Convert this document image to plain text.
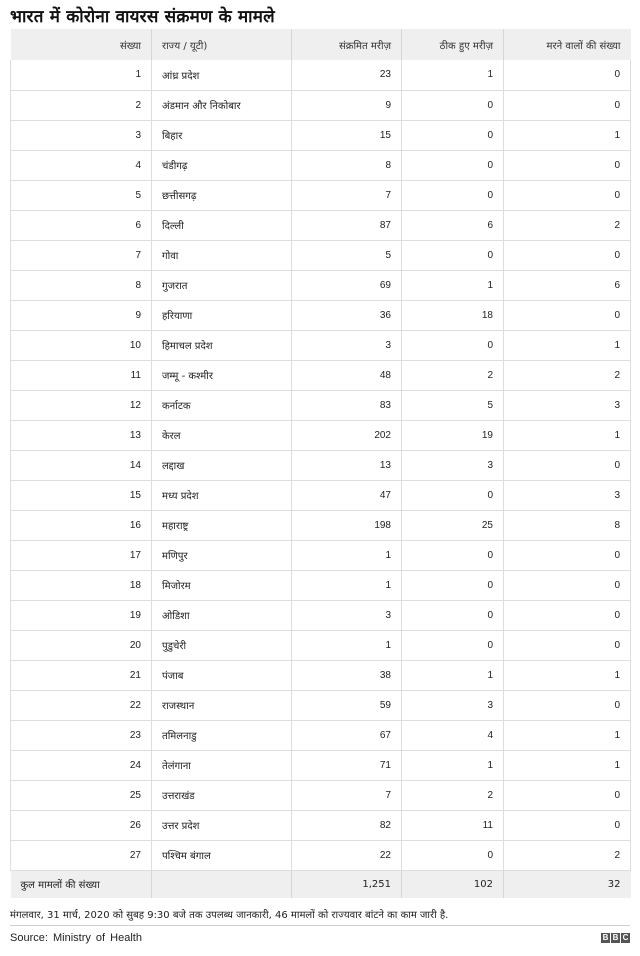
भारत में कोरोना वायरस संक्रमण के मामले
संख्या	राज्य / यूटी)	संक्रमित मरीज़	ठीक हुए मरीज़	मरने वालों की संख्या
1	आंध्र प्रदेश	23	1	0
2	अंडमान और निकोबार	9	0	0
3	बिहार	15	0	1
4	चंडीगढ़	8	0	0
5	छत्तीसगढ़	7	0	0
6	दिल्ली	87	6	2
7	गोवा	5	0	0
8	गुजरात	69	1	6
9	हरियाणा	36	18	0
10	हिमाचल प्रदेश	3	0	1
11	जम्मू - कश्मीर	48	2	2
12	कर्नाटक	83	5	3
13	केरल	202	19	1
14	लद्दाख	13	3	0
15	मध्य प्रदेश	47	0	3
16	महाराष्ट्र	198	25	8
17	मणिपुर	1	0	0
18	मिजोरम	1	0	0
19	ओडिशा	3	0	0
20	पुडुचेरी	1	0	0
21	पंजाब	38	1	1
22	राजस्थान	59	3	0
23	तमिलनाडु	67	4	1
24	तेलंगाना	71	1	1
25	उत्तराखंड	7	2	0
26	उत्तर प्रदेश	82	11	0
27	पश्चिम बंगाल	22	0	2
कुल मामलों की संख्या		1,251	102	32
मंगलवार, 31 मार्च, 2020 को सुबह 9:30 बजे तक उपलब्ध जानकारी, 46 मामलों को राज्यवार बांटने का काम जारी है.
Source: Ministry of Health	B B C
